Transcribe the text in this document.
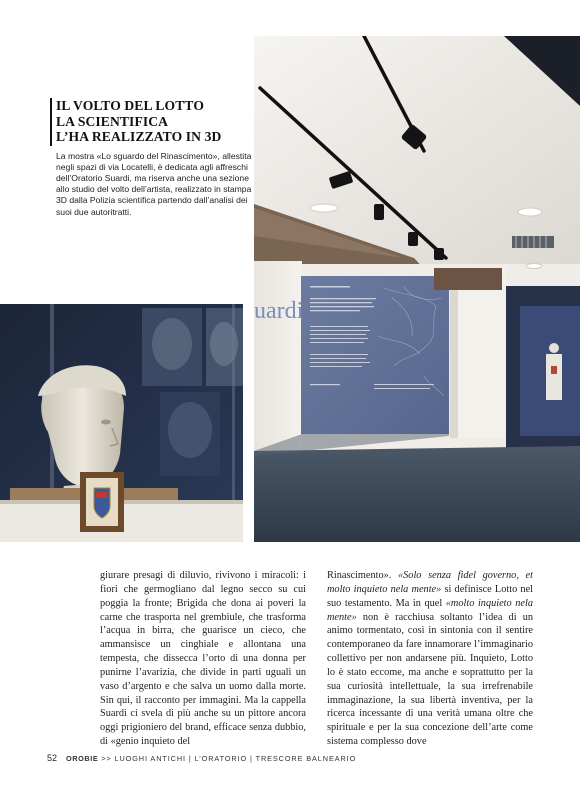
IL VOLTO DEL LOTTO
LA SCIENTIFICA
L’HA REALIZZATO IN 3D

La mostra «Lo sguardo del Rinascimento», allestita negli spazi di via Locatelli, è dedicata agli affreschi dell’Oratorio Suardi, ma riserva anche una sezione allo studio del volto dell’artista, realizzato in stampa 3D dalla Polizia scientifica partendo dall’analisi dei suoi due autoritratti.

uardi

giurare presagi di diluvio, rivivono i miracoli: i fiori che germogliano dal legno secco su cui poggia la fronte; Brigida che dona ai poveri la carne che trasporta nel grembiule, che trasforma l’acqua in birra, che guarisce un cieco, che ammansisce un cinghiale e allontana una tempesta, che dissecca l’orto di una donna per punirne l’avarizia, che divide in parti uguali un vaso d’argento e che salva un uomo dalla morte. Sin qui, il racconto per immagini. Ma la cappella Suardi ci svela di più anche su un pittore ancora oggi prigioniero del brand, efficace senza dubbio, di «genio inquieto del

Rinascimento». «Solo senza fidel governo, et molto inquieto nela mente» si definisce Lotto nel suo testamento. Ma in quel «molto inquieto nela mente» non è racchiusa soltanto l’idea di un animo tormentato, così in sintonia con il sentire contemporaneo da fare innamorare l’immaginario collettivo per non andarsene più. Inquieto, Lotto lo è stato eccome, ma anche e soprattutto per la sua curiosità intellettuale, la sua irrefrenabile immaginazione, la sua libertà inventiva, per la ricerca incessante di una verità umana oltre che spirituale e per la sua concezione dell’arte come sistema complesso dove

52 OROBIE >> LUOGHI ANTICHI | L’ORATORIO | TRESCORE BALNEARIO
